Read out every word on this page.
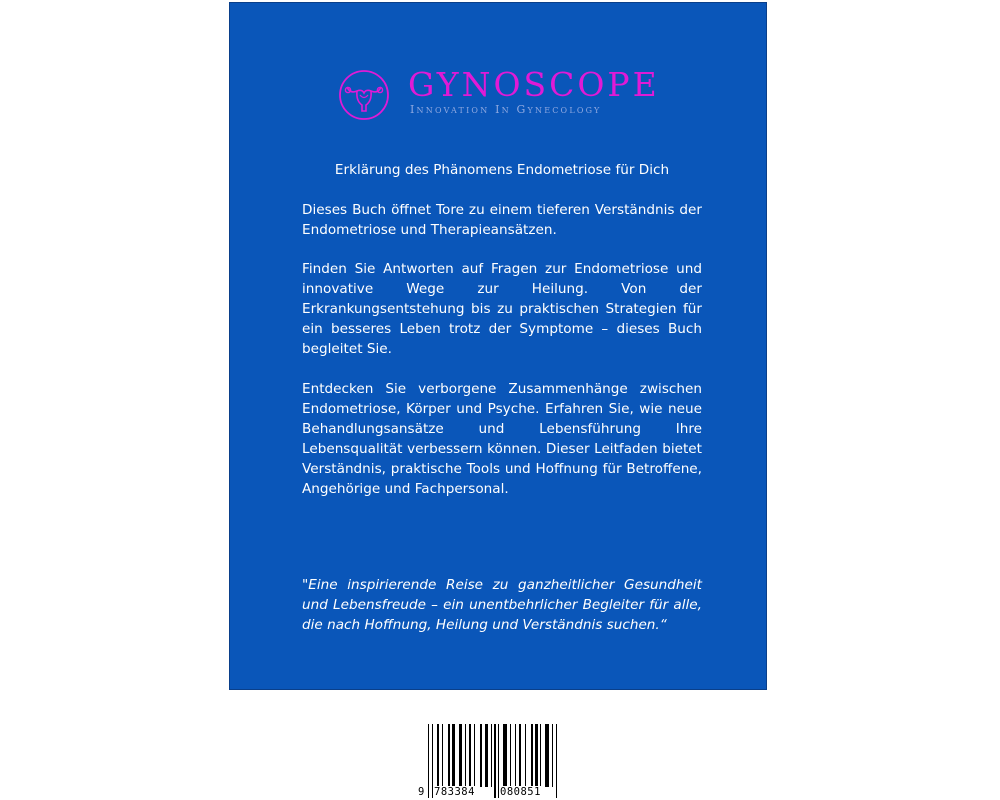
GYNOSCOPE

Innovation In Gynecology

Erklärung des Phänomens Endometriose für Dich

Dieses Buch öffnet Tore zu einem tieferen Verständnis der Endometriose und Therapieansätzen.

Finden Sie Antworten auf Fragen zur Endometriose und innovative Wege zur Heilung. Von der Erkrankungsentstehung bis zu praktischen Strategien für ein besseres Leben trotz der Symptome – dieses Buch begleitet Sie.

Entdecken Sie verborgene Zusammenhänge zwischen Endometriose, Körper und Psyche. Erfahren Sie, wie neue Behandlungsansätze und Lebensführung Ihre Lebensqualität verbessern können. Dieser Leitfaden bietet Verständnis, praktische Tools und Hoffnung für Betroffene, Angehörige und Fachpersonal.

"Eine inspirierende Reise zu ganzheitlicher Gesundheit und Lebensfreude – ein unentbehrlicher Begleiter für alle, die nach Hoffnung, Heilung und Verständnis suchen.“

9 783384 080851
